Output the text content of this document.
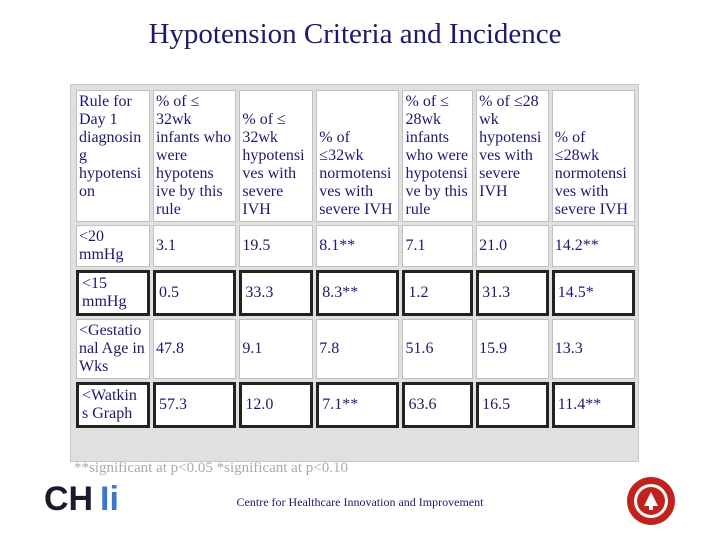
Hypotension Criteria and Incidence
Rule for Day 1 diagnosin g hypotensi on	% of ≤ 32wk infants who were hypotens ive by this rule	% of ≤ 32wk hypotensi ves with severe IVH	% of ≤32wk normotensi ves with severe IVH	% of ≤ 28wk infants who were hypotensi ve by this rule	% of ≤28 wk hypotensi ves with severe IVH	% of ≤28wk normotensi ves with severe IVH
<20 mmHg	3.1	19.5	8.1**	7.1	21.0	14.2**
<15 mmHg	0.5	33.3	8.3**	1.2	31.3	14.5*
<Gestatio nal Age in Wks	47.8	9.1	7.8	51.6	15.9	13.3
<Watkin s Graph	57.3	12.0	7.1**	63.6	16.5	11.4**
**significant at p<0.05 *significant at p<0.10
CH Ii	Centre for Healthcare Innovation and Improvement
